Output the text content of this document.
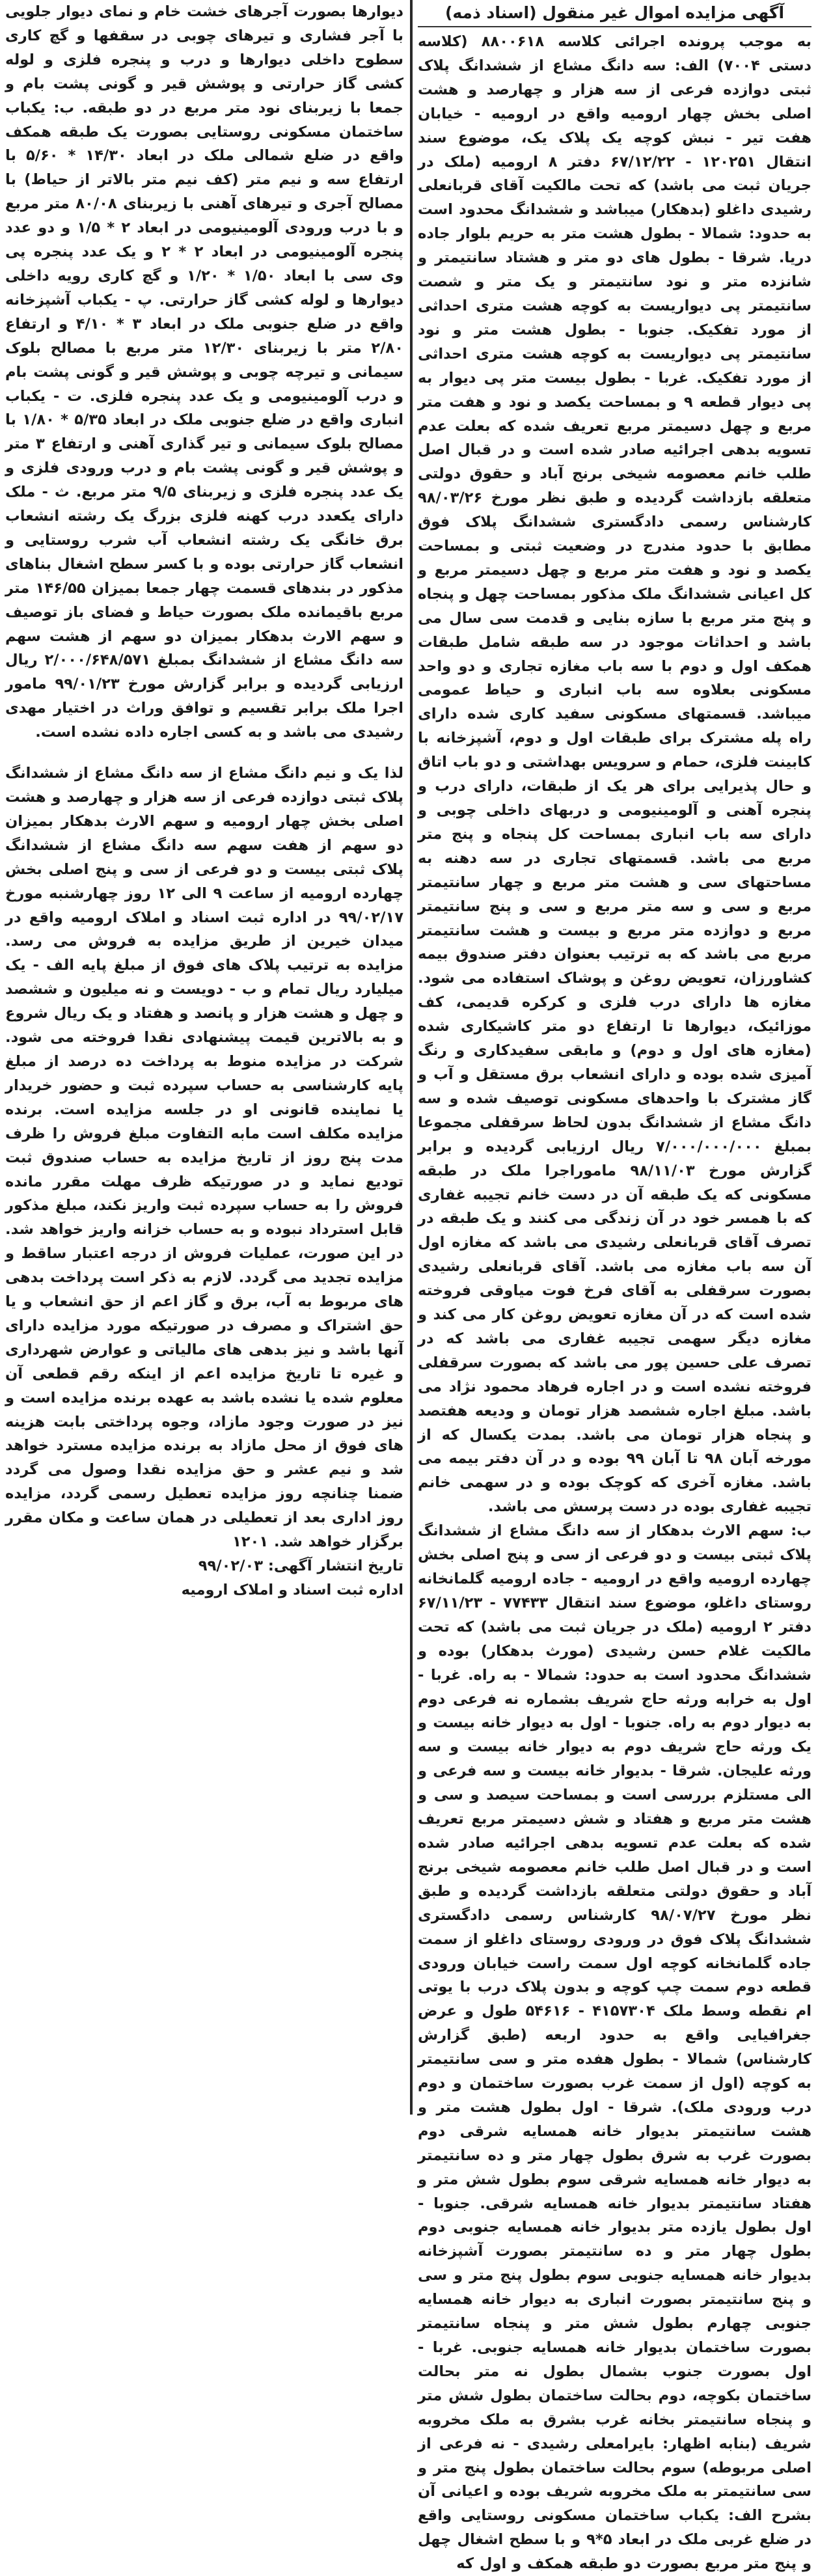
آگهی مزایده اموال غیر منقول (اسناد ذمه)

به موجب پرونده اجرائی کلاسه ۸۸۰۰۶۱۸ (کلاسه دستی ۷۰۰۴) الف: سه دانگ مشاع از ششدانگ پلاک ثبتی دوازده فرعی از سه هزار و چهارصد و هشت اصلی بخش چهار ارومیه واقع در ارومیه - خیابان هفت تیر - نبش کوچه یک پلاک یک، موضوع سند انتقال ۱۲۰۲۵۱ - ۶۷/۱۲/۲۲ دفتر ۸ ارومیه (ملک در جریان ثبت می باشد) که تحت مالکیت آقای قربانعلی رشیدی داغلو (بدهکار) میباشد و ششدانگ محدود است به حدود: شمالا - بطول هشت متر به حریم بلوار جاده دریا. شرقا - بطول های دو متر و هشتاد سانتیمتر و شانزده متر و نود سانتیمتر و یک متر و شصت سانتیمتر پی دیواریست به کوچه هشت متری احداثی از مورد تفکیک. جنوبا - بطول هشت متر و نود سانتیمتر پی دیواریست به کوچه هشت متری احداثی از مورد تفکیک. غربا - بطول بیست متر پی دیوار به پی دیوار قطعه ۹ و بمساحت یکصد و نود و هفت متر مربع و چهل دسیمتر مربع تعریف شده که بعلت عدم تسویه بدهی اجرائیه صادر شده است و در قبال اصل طلب خانم معصومه شیخی برنج آباد و حقوق دولتی متعلقه بازداشت گردیده و طبق نظر مورخ ۹۸/۰۳/۲۶ کارشناس رسمی دادگستری ششدانگ پلاک فوق مطابق با حدود مندرج در وضعیت ثبتی و بمساحت یکصد و نود و هفت متر مربع و چهل دسیمتر مربع و کل اعیانی ششدانگ ملک مذکور بمساحت چهل و پنجاه و پنج متر مربع با سازه بنایی و قدمت سی سال می باشد و احداثات موجود در سه طبقه شامل طبقات همکف اول و دوم با سه باب مغازه تجاری و دو واحد مسکونی بعلاوه سه باب انباری و حیاط عمومی میباشد. قسمتهای مسکونی سفید کاری شده دارای راه پله مشترک برای طبقات اول و دوم، آشپزخانه با کابینت فلزی، حمام و سرویس بهداشتی و دو باب اتاق و حال پذیرایی برای هر یک از طبقات، دارای درب و پنجره آهنی و آلومینیومی و دربهای داخلی چوبی و دارای سه باب انباری بمساحت کل پنجاه و پنج متر مربع می باشد. قسمتهای تجاری در سه دهنه به مساحتهای سی و هشت متر مربع و چهار سانتیمتر مربع و سی و سه متر مربع و سی و پنج سانتیمتر مربع و دوازده متر مربع و بیست و هشت سانتیمتر مربع می باشد که به ترتیب بعنوان دفتر صندوق بیمه کشاورزان، تعویض روغن و پوشاک استفاده می شود. مغازه ها دارای درب فلزی و کرکره قدیمی، کف موزائیک، دیوارها تا ارتفاع دو متر کاشیکاری شده (مغازه های اول و دوم) و مابقی سفیدکاری و رنگ آمیزی شده بوده و دارای انشعاب برق مستقل و آب و گاز مشترک با واحدهای مسکونی توصیف شده و سه دانگ مشاع از ششدانگ بدون لحاظ سرقفلی مجموعا بمبلغ ۷/۰۰۰/۰۰۰/۰۰۰ ریال ارزیابی گردیده و برابر گزارش مورخ ۹۸/۱۱/۰۳ ماموراجرا ملک در طبقه مسکونی که یک طبقه آن در دست خانم تجیبه غفاری که با همسر خود در آن زندگی می کنند و یک طبقه در تصرف آقای قربانعلی رشیدی می باشد که مغازه اول آن سه باب مغازه می باشد. آقای قربانعلی رشیدی بصورت سرقفلی به آقای فرخ فوت میاوقی فروخته شده است که در آن مغازه تعویض روغن کار می کند و مغازه دیگر سهمی تجیبه غفاری می باشد که در تصرف علی حسین پور می باشد که بصورت سرقفلی فروخته نشده است و در اجاره فرهاد محمود نژاد می باشد. مبلغ اجاره ششصد هزار تومان و ودیعه هفتصد و پنجاه هزار تومان می باشد. بمدت یکسال که از مورخه آبان ۹۸ تا آبان ۹۹ بوده و در آن دفتر بیمه می باشد. مغازه آخری که کوچک بوده و در سهمی خانم تجیبه غفاری بوده در دست پرسش می باشد.

ب: سهم الارث بدهکار از سه دانگ مشاع از ششدانگ پلاک ثبتی بیست و دو فرعی از سی و پنج اصلی بخش چهارده ارومیه واقع در ارومیه - جاده ارومیه گلمانخانه روستای داغلو، موضوع سند انتقال ۷۷۴۳۳ - ۶۷/۱۱/۲۳ دفتر ۲ ارومیه (ملک در جریان ثبت می باشد) که تحت مالکیت غلام حسن رشیدی (مورث بدهکار) بوده و ششدانگ محدود است به حدود: شمالا - به راه. غربا - اول به خرابه ورثه حاج شریف بشماره نه فرعی دوم به دیوار دوم به راه. جنوبا - اول به دیوار خانه بیست و یک ورثه حاج شریف دوم به دیوار خانه بیست و سه ورثه علیجان. شرقا - بدیوار خانه بیست و سه فرعی و الی مستلزم بررسی است و بمساحت سیصد و سی و هشت متر مربع و هفتاد و شش دسیمتر مربع تعریف شده که بعلت عدم تسویه بدهی اجرائیه صادر شده است و در قبال اصل طلب خانم معصومه شیخی برنج آباد و حقوق دولتی متعلقه بازداشت گردیده و طبق نظر مورخ ۹۸/۰۷/۲۷ کارشناس رسمی دادگستری ششدانگ پلاک فوق در ورودی روستای داغلو از سمت جاده گلمانخانه کوچه اول سمت راست خیابان ورودی قطعه دوم سمت چپ کوچه و بدون پلاک درب با یوتی ام نقطه وسط ملک ۴۱۵۷۳۰۴ - ۵۴۶۱۶ طول و عرض جغرافیایی واقع به حدود اربعه (طبق گزارش کارشناس) شمالا - بطول هفده متر و سی سانتیمتر به کوچه (اول از سمت غرب بصورت ساختمان و دوم درب ورودی ملک). شرقا - اول بطول هشت متر و هشت سانتیمتر بدیوار خانه همسایه شرقی دوم بصورت غرب به شرق بطول چهار متر و ده سانتیمتر به دیوار خانه همسایه شرقی سوم بطول شش متر و هفتاد سانتیمتر بدیوار خانه همسایه شرقی. جنوبا - اول بطول یازده متر بدیوار خانه همسایه جنوبی دوم بطول چهار متر و ده سانتیمتر بصورت آشپزخانه بدیوار خانه همسایه جنوبی سوم بطول پنج متر و سی و پنج سانتیمتر بصورت انباری به دیوار خانه همسایه جنوبی چهارم بطول شش متر و پنجاه سانتیمتر بصورت ساختمان بدیوار خانه همسایه جنوبی. غربا - اول بصورت جنوب بشمال بطول نه متر بحالت ساختمان بکوچه، دوم بحالت ساختمان بطول شش متر و پنجاه سانتیمتر بخانه غرب بشرق به ملک مخروبه شریف (بنابه اظهار: بایرامعلی رشیدی - نه فرعی از اصلی مربوطه) سوم بحالت ساختمان بطول پنج متر و سی سانتیمتر به ملک مخروبه شریف بوده و اعیانی آن بشرح الف: یکباب ساختمان مسکونی روستایی واقع در ضلع غربی ملک در ابعاد ۵*۹ و با سطح اشغال چهل و پنج متر مربع بصورت دو طبقه همکف و اول که

دیوارها بصورت آجرهای خشت خام و نمای دیوار جلویی با آجر فشاری و تیرهای چوبی در سقفها و گچ کاری سطوح داخلی دیوارها و درب و پنجره فلزی و لوله کشی گاز حرارتی و پوشش قیر و گونی پشت بام و جمعا با زیربنای نود متر مربع در دو طبقه. ب: یکباب ساختمان مسکونی روستایی بصورت یک طبقه همکف واقع در ضلع شمالی ملک در ابعاد ۱۴/۳۰ * ۵/۶۰ با ارتفاع سه و نیم متر (کف نیم متر بالاتر از حیاط) با مصالح آجری و تیرهای آهنی با زیربنای ۸۰/۰۸ متر مربع و با درب ورودی آلومینیومی در ابعاد ۲ * ۱/۵ و دو عدد پنجره آلومینیومی در ابعاد ۲ * ۲ و یک عدد پنجره پی وی سی با ابعاد ۱/۵۰ * ۱/۲۰ و گچ کاری رویه داخلی دیوارها و لوله کشی گاز حرارتی. پ - یکباب آشپزخانه واقع در ضلع جنوبی ملک در ابعاد ۳ * ۴/۱۰ و ارتفاع ۲/۸۰ متر با زیربنای ۱۲/۳۰ متر مربع با مصالح بلوک سیمانی و تیرچه چوبی و پوشش قیر و گونی پشت بام و درب آلومینیومی و یک عدد پنجره فلزی. ت - یکباب انباری واقع در ضلع جنوبی ملک در ابعاد ۵/۳۵ * ۱/۸۰ با مصالح بلوک سیمانی و تیر گذاری آهنی و ارتفاع ۳ متر و پوشش قیر و گونی پشت بام و درب ورودی فلزی و یک عدد پنجره فلزی و زیربنای ۹/۵ متر مربع. ث - ملک دارای یکعدد درب کهنه فلزی بزرگ یک رشته انشعاب برق خانگی یک رشته انشعاب آب شرب روستایی و انشعاب گاز حرارتی بوده و با کسر سطح اشغال بناهای مذکور در بندهای قسمت چهار جمعا بمیزان ۱۴۶/۵۵ متر مربع باقیمانده ملک بصورت حیاط و فضای باز توصیف و سهم الارث بدهکار بمیزان دو سهم از هشت سهم سه دانگ مشاع از ششدانگ بمبلغ ۲/۰۰۰/۶۴۸/۵۷۱ ریال ارزیابی گردیده و برابر گزارش مورخ ۹۹/۰۱/۲۳ مامور اجرا ملک برابر تقسیم و توافق وراث در اختیار مهدی رشیدی می باشد و به کسی اجاره داده نشده است.

لذا یک و نیم دانگ مشاع از سه دانگ مشاع از ششدانگ پلاک ثبتی دوازده فرعی از سه هزار و چهارصد و هشت اصلی بخش چهار ارومیه و سهم الارث بدهکار بمیزان دو سهم از هفت سهم سه دانگ مشاع از ششدانگ پلاک ثبتی بیست و دو فرعی از سی و پنج اصلی بخش چهارده ارومیه از ساعت ۹ الی ۱۲ روز چهارشنبه مورخ ۹۹/۰۲/۱۷ در اداره ثبت اسناد و املاک ارومیه واقع در میدان خیرین از طریق مزایده به فروش می رسد. مزایده به ترتیب پلاک های فوق از مبلغ پایه الف - یک میلیارد ریال تمام و ب - دویست و نه میلیون و ششصد و چهل و هشت هزار و پانصد و هفتاد و یک ریال شروع و به بالاترین قیمت پیشنهادی نقدا فروخته می شود. شرکت در مزایده منوط به پرداخت ده درصد از مبلغ پایه کارشناسی به حساب سپرده ثبت و حضور خریدار یا نماینده قانونی او در جلسه مزایده است. برنده مزایده مکلف است مابه التفاوت مبلغ فروش را ظرف مدت پنج روز از تاریخ مزایده به حساب صندوق ثبت تودیع نماید و در صورتیکه ظرف مهلت مقرر مانده فروش را به حساب سپرده ثبت واریز نکند، مبلغ مذکور قابل استرداد نبوده و به حساب خزانه واریز خواهد شد. در این صورت، عملیات فروش از درجه اعتبار ساقط و مزایده تجدید می گردد. لازم به ذکر است پرداخت بدهی های مربوط به آب، برق و گاز اعم از حق انشعاب و یا حق اشتراک و مصرف در صورتیکه مورد مزایده دارای آنها باشد و نیز بدهی های مالیاتی و عوارض شهرداری و غیره تا تاریخ مزایده اعم از اینکه رقم قطعی آن معلوم شده یا نشده باشد به عهده برنده مزایده است و نیز در صورت وجود مازاد، وجوه پرداختی بابت هزینه های فوق از محل مازاد به برنده مزایده مسترد خواهد شد و نیم عشر و حق مزایده نقدا وصول می گردد ضمنا چنانچه روز مزایده تعطیل رسمی گردد، مزایده روز اداری بعد از تعطیلی در همان ساعت و مکان مقرر برگزار خواهد شد. ۱۲۰۱

تاریخ انتشار آگهی: ۹۹/۰۲/۰۳

اداره ثبت اسناد و املاک ارومیه
